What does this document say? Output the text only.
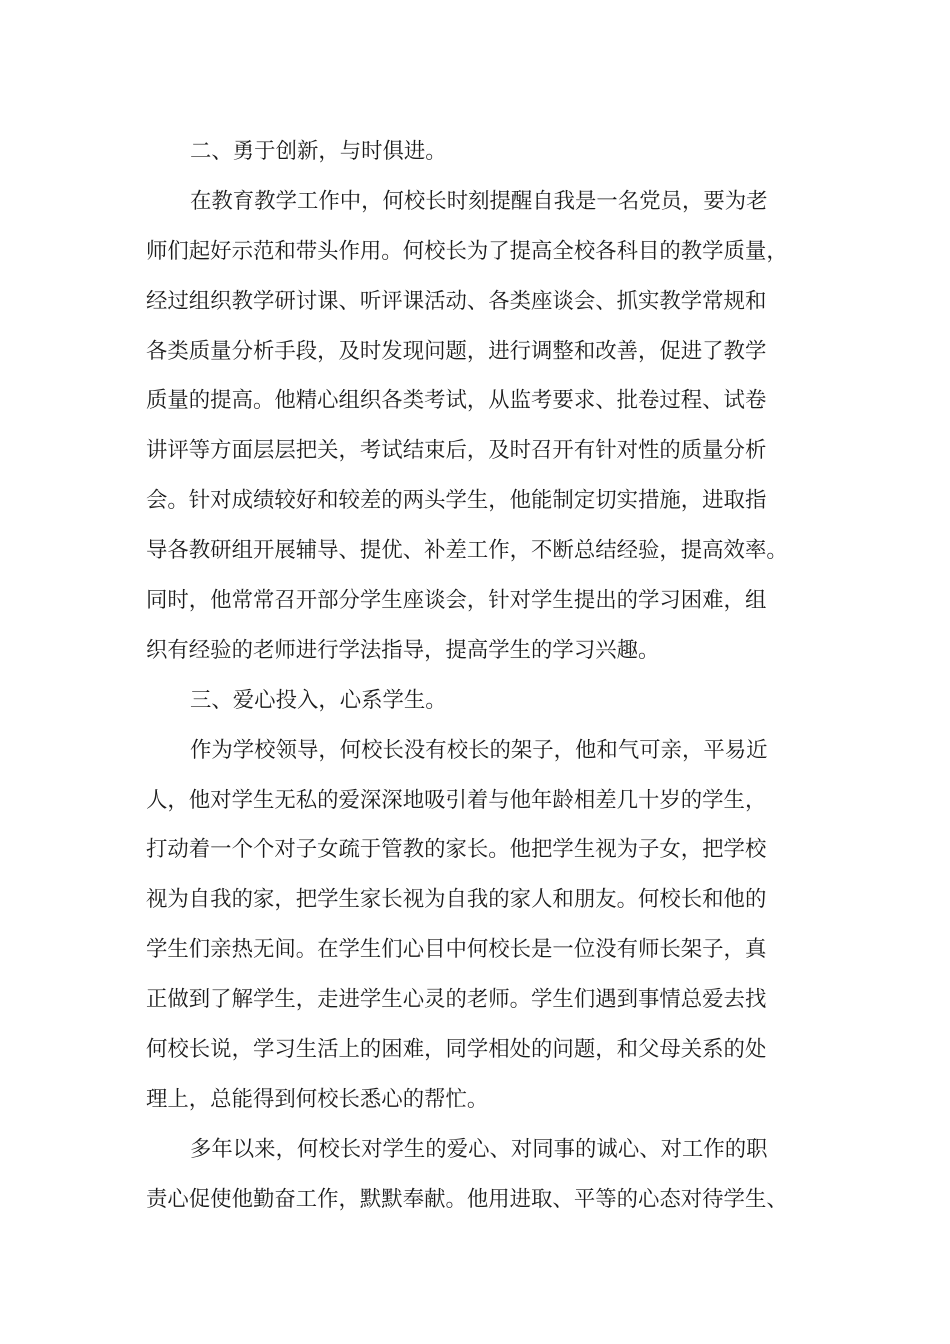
二、勇于创新，与时俱进。
在教育教学工作中，何校长时刻提醒自我是一名党员，要为老
师们起好示范和带头作用。何校长为了提高全校各科目的教学质量，
经过组织教学研讨课、听评课活动、各类座谈会、抓实教学常规和
各类质量分析手段，及时发现问题，进行调整和改善，促进了教学
质量的提高。他精心组织各类考试，从监考要求、批卷过程、试卷
讲评等方面层层把关，考试结束后，及时召开有针对性的质量分析
会。针对成绩较好和较差的两头学生，他能制定切实措施，进取指
导各教研组开展辅导、提优、补差工作，不断总结经验，提高效率。
同时，他常常召开部分学生座谈会，针对学生提出的学习困难，组
织有经验的老师进行学法指导，提高学生的学习兴趣。
三、爱心投入，心系学生。
作为学校领导，何校长没有校长的架子，他和气可亲，平易近
人，他对学生无私的爱深深地吸引着与他年龄相差几十岁的学生，
打动着一个个对子女疏于管教的家长。他把学生视为子女，把学校
视为自我的家，把学生家长视为自我的家人和朋友。何校长和他的
学生们亲热无间。在学生们心目中何校长是一位没有师长架子，真
正做到了解学生，走进学生心灵的老师。学生们遇到事情总爱去找
何校长说，学习生活上的困难，同学相处的问题，和父母关系的处
理上，总能得到何校长悉心的帮忙。
多年以来，何校长对学生的爱心、对同事的诚心、对工作的职
责心促使他勤奋工作，默默奉献。他用进取、平等的心态对待学生、
